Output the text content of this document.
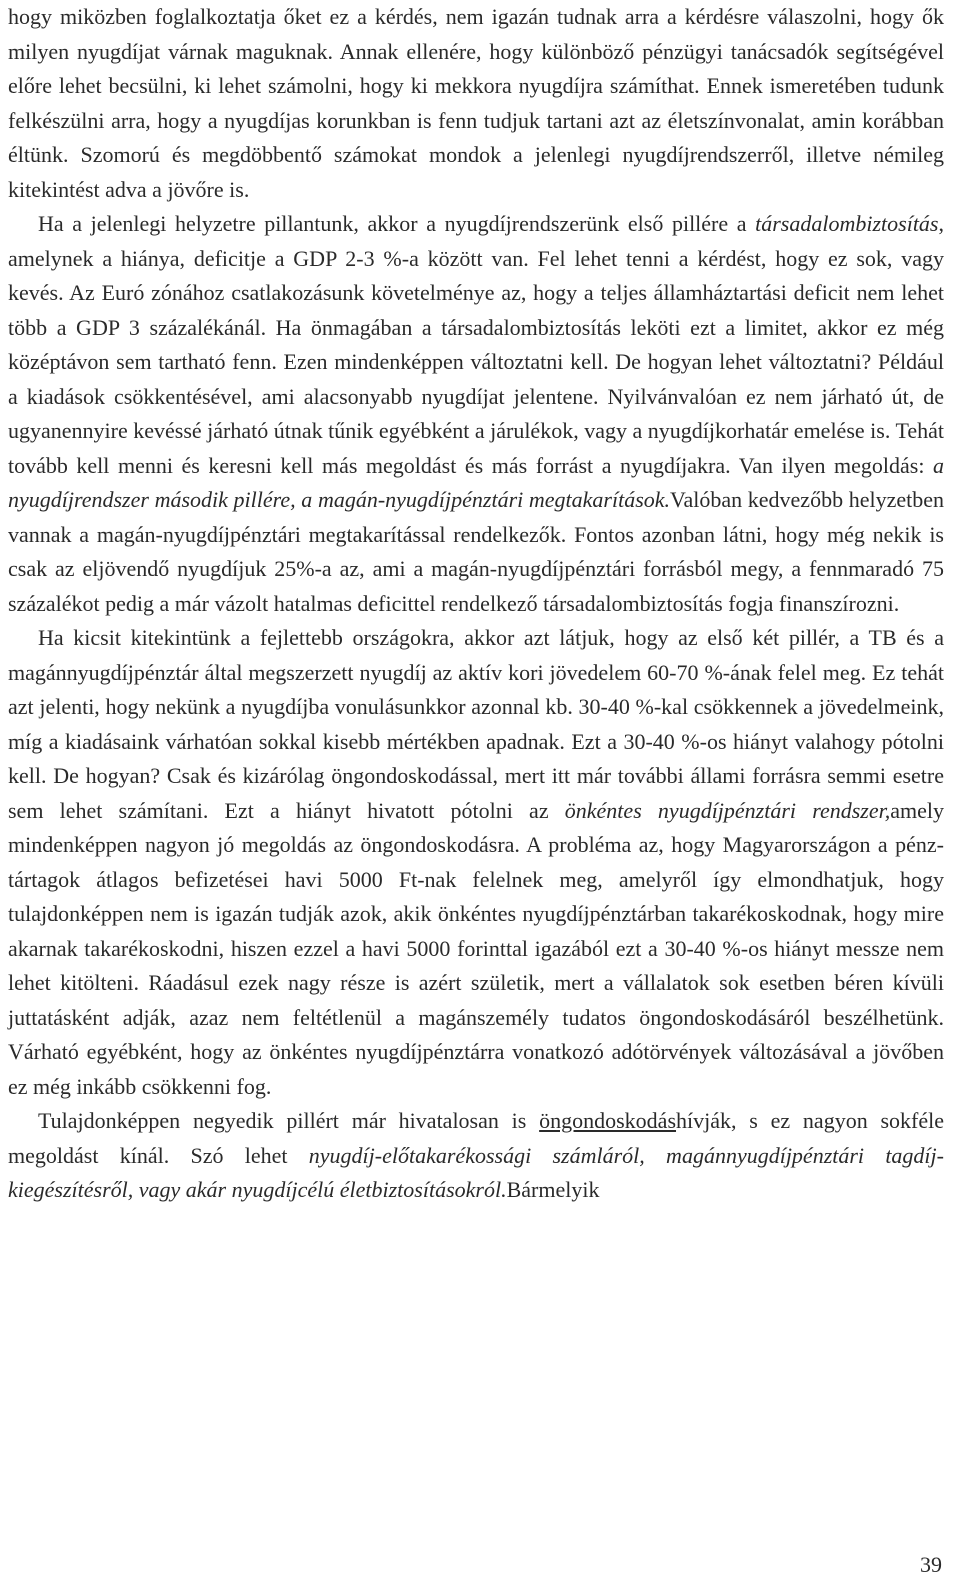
hogy miközben foglalkoztatja őket ez a kérdés, nem igazán tudnak arra a kérdésre válaszolni, hogy ők milyen nyugdíjat várnak maguknak. Annak ellenére, hogy különböző pénzügyi tanácsadók segítségével előre lehet becsülni, ki lehet számolni, hogy ki mekkora nyugdíjra számíthat. Ennek ismeretében tudunk felkészülni arra, hogy a nyugdíjas korunkban is fenn tudjuk tartani azt az életszínvonalat, amin korábban éltünk. Szomorú és megdöbbentő számokat mondok a jelenlegi nyugdíjrendszerről, illetve némileg kitekintést adva a jövőre is.

Ha a jelenlegi helyzetre pillantunk, akkor a nyugdíjrendszerünk első pillére a társadalombiztosítás, amelynek a hiánya, deficitje a GDP 2-3 %-a között van. Fel lehet tenni a kérdést, hogy ez sok, vagy kevés. Az Euró zónához csatlakozásunk követelménye az, hogy a teljes államháztartási deficit nem lehet több a GDP 3 százalékánál. Ha önmagában a társadalombiztosítás leköti ezt a limitet, akkor ez még középtávon sem tartható fenn. Ezen mindenképpen változtatni kell. De hogyan lehet változtatni? Például a kiadások csökkentésével, ami alacsonyabb nyugdíjat jelentene. Nyilvánvalóan ez nem járható út, de ugyanennyire kevéssé járható útnak tűnik egyébként a járulékok, vagy a nyugdíjkorhatár emelése is. Tehát tovább kell menni és keresni kell más megoldást és más forrást a nyugdíjakra. Van ilyen megoldás: a nyugdíjrendszer második pillére, a magán-nyugdíjpénztári megtakarítások.Valóban kedvezőbb helyzetben vannak a magán-nyugdíjpénztári megtakarítással rendelkezők. Fontos azonban látni, hogy még nekik is csak az eljövendő nyugdíjuk 25%-a az, ami a magán-nyugdíjpénztári forrásból megy, a fennmaradó 75 százalékot pedig a már vázolt hatalmas deficittel rendelkező társadalombiztosítás fogja finanszírozni.

Ha kicsit kitekintünk a fejlettebb országokra, akkor azt látjuk, hogy az első két pillér, a TB és a magánnyugdíjpénztár által megszerzett nyugdíj az aktív kori jövedelem 60-70 %-ának felel meg. Ez tehát azt jelenti, hogy nekünk a nyugdíjba vonulásunkkor azonnal kb. 30-40 %-kal csökkennek a jövedelmeink, míg a kiadásaink várhatóan sokkal kisebb mértékben apadnak. Ezt a 30-40 %-os hiányt valahogy pótolni kell. De hogyan? Csak és kizárólag öngondoskodással, mert itt már további állami forrásra semmi esetre sem lehet számítani. Ezt a hiányt hivatott pótolni az önkéntes nyugdíjpénztári rendszer,amely mindenképpen nagyon jó megoldás az öngondoskodásra. A probléma az, hogy Magyarországon a pénztártagok átlagos befizetései havi 5000 Ft-nak felelnek meg, amelyről így elmondhatjuk, hogy tulajdonképpen nem is igazán tudják azok, akik önkéntes nyugdíjpénztárban takarékoskodnak, hogy mire akarnak takarékoskodni, hiszen ezzel a havi 5000 forinttal igazából ezt a 30-40 %-os hiányt messze nem lehet kitölteni. Ráadásul ezek nagy része is azért születik, mert a vállalatok sok esetben béren kívüli juttatásként adják, azaz nem feltétlenül a magánszemély tudatos öngondoskodásáról beszélhetünk. Várható egyébként, hogy az önkéntes nyugdíjpénztárra vonatkozó adótörvények változásával a jövőben ez még inkább csökkenni fog.

Tulajdonképpen negyedik pillért már hivatalosan is öngondoskodáshívják, s ez nagyon sokféle megoldást kínál. Szó lehet nyugdíj-előtakarékossági számláról, magánnyugdíjpénztári tagdíj-kiegészítésről, vagy akár nyugdíjcélú életbiztosításokról.Bármelyik

39
